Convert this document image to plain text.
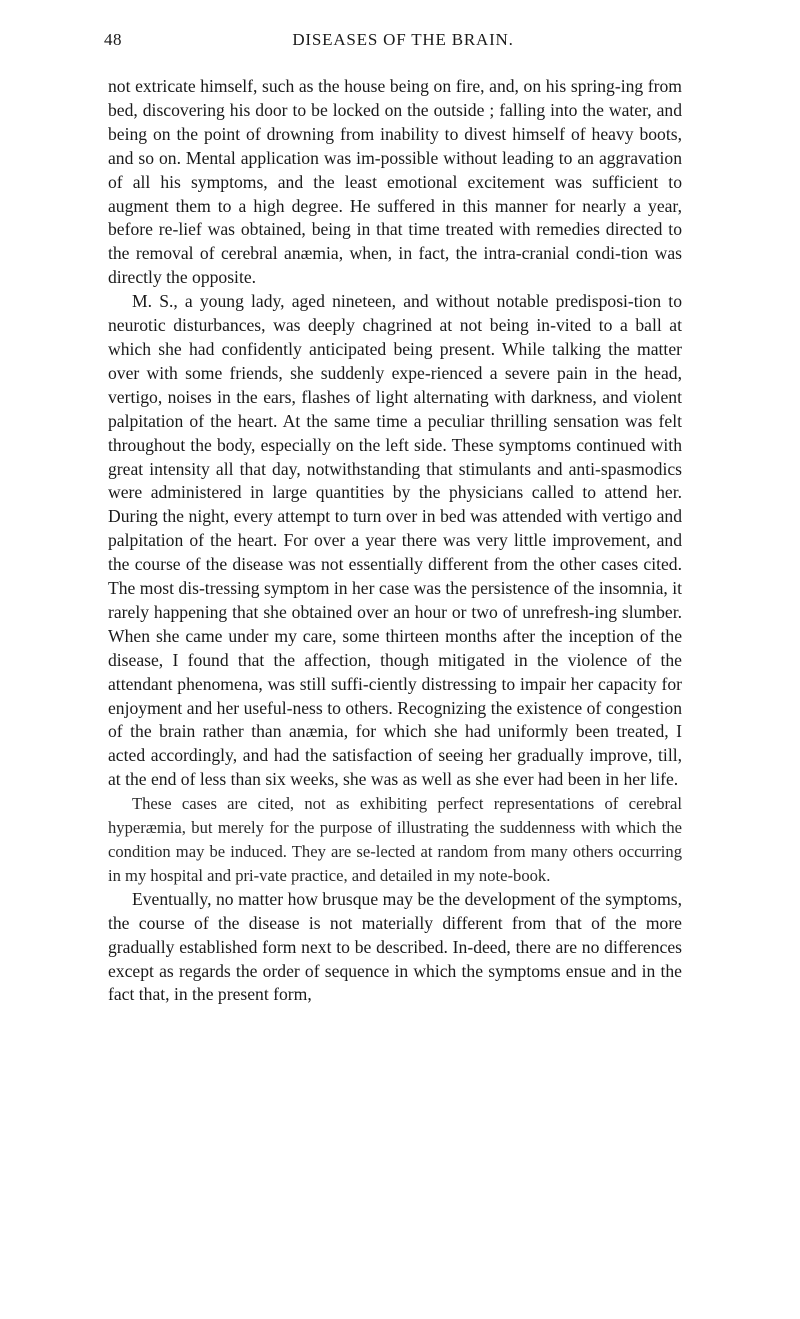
48	DISEASES OF THE BRAIN.

not extricate himself, such as the house being on fire, and, on his spring-ing from bed, discovering his door to be locked on the outside ; falling into the water, and being on the point of drowning from inability to divest himself of heavy boots, and so on. Mental application was im-possible without leading to an aggravation of all his symptoms, and the least emotional excitement was sufficient to augment them to a high degree. He suffered in this manner for nearly a year, before re-lief was obtained, being in that time treated with remedies directed to the removal of cerebral anæmia, when, in fact, the intra-cranial condi-tion was directly the opposite.

M. S., a young lady, aged nineteen, and without notable predisposi-tion to neurotic disturbances, was deeply chagrined at not being in-vited to a ball at which she had confidently anticipated being present. While talking the matter over with some friends, she suddenly expe-rienced a severe pain in the head, vertigo, noises in the ears, flashes of light alternating with darkness, and violent palpitation of the heart. At the same time a peculiar thrilling sensation was felt throughout the body, especially on the left side. These symptoms continued with great intensity all that day, notwithstanding that stimulants and anti-spasmodics were administered in large quantities by the physicians called to attend her. During the night, every attempt to turn over in bed was attended with vertigo and palpitation of the heart. For over a year there was very little improvement, and the course of the disease was not essentially different from the other cases cited. The most dis-tressing symptom in her case was the persistence of the insomnia, it rarely happening that she obtained over an hour or two of unrefresh-ing slumber. When she came under my care, some thirteen months after the inception of the disease, I found that the affection, though mitigated in the violence of the attendant phenomena, was still suffi-ciently distressing to impair her capacity for enjoyment and her useful-ness to others. Recognizing the existence of congestion of the brain rather than anæmia, for which she had uniformly been treated, I acted accordingly, and had the satisfaction of seeing her gradually improve, till, at the end of less than six weeks, she was as well as she ever had been in her life.

These cases are cited, not as exhibiting perfect representations of cerebral hyperæmia, but merely for the purpose of illustrating the suddenness with which the condition may be induced. They are se-lected at random from many others occurring in my hospital and pri-vate practice, and detailed in my note-book.

Eventually, no matter how brusque may be the development of the symptoms, the course of the disease is not materially different from that of the more gradually established form next to be described. In-deed, there are no differences except as regards the order of sequence in which the symptoms ensue and in the fact that, in the present form,
